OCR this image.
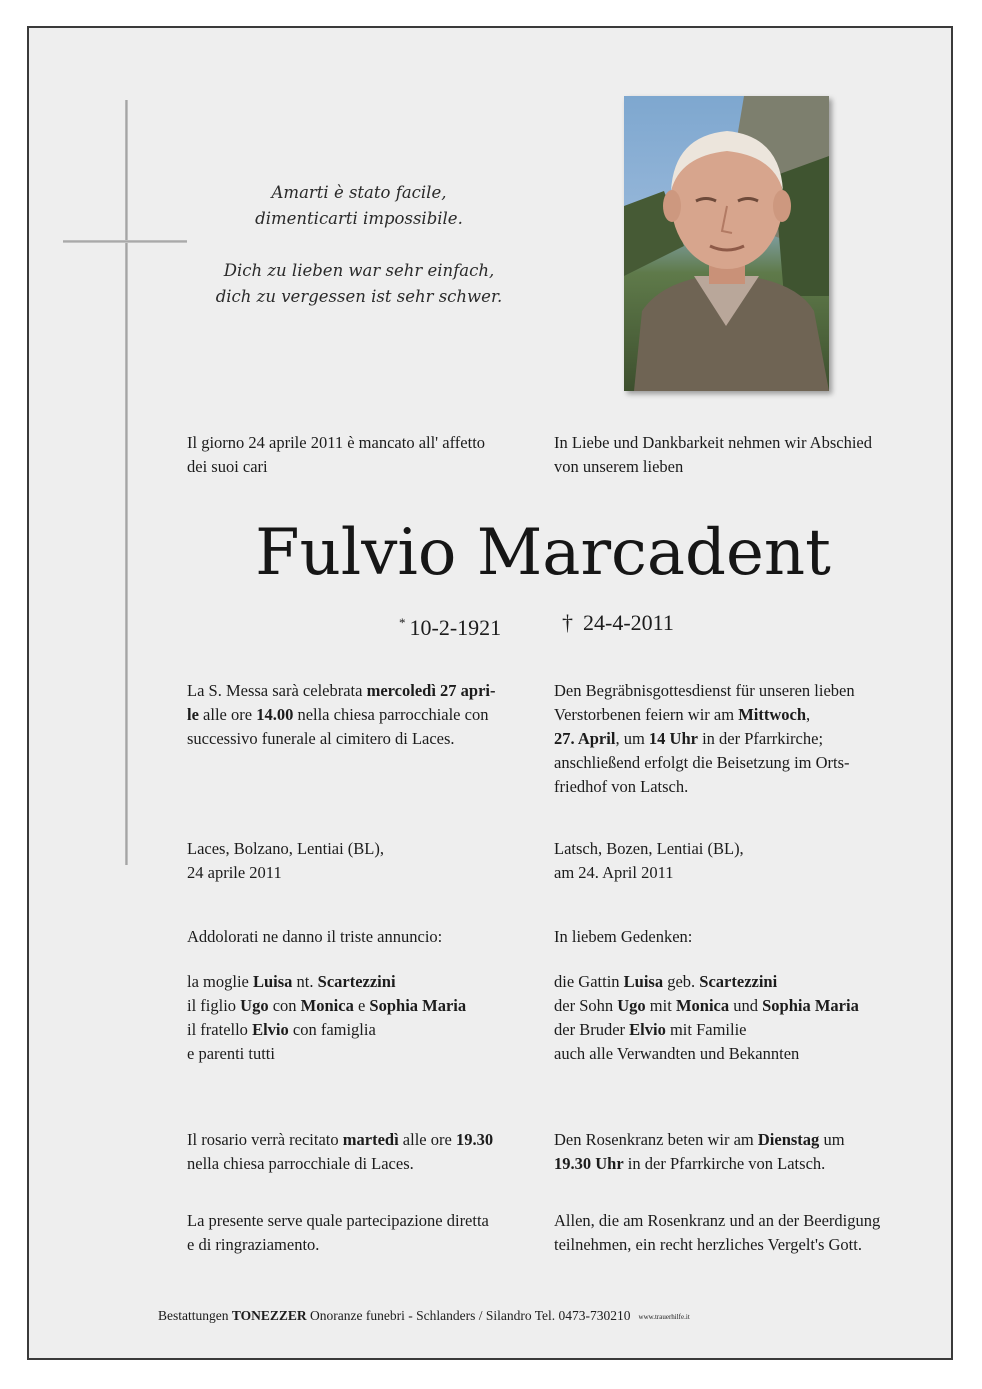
Amarti è stato facile,
dimenticarti impossibile.
Dich zu lieben war sehr einfach,
dich zu vergessen ist sehr schwer.
Il giorno 24 aprile 2011 è mancato all' affetto
dei suoi cari
In Liebe und Dankbarkeit nehmen wir Abschied
von unserem lieben
Fulvio Marcadent
* 10-2-1921	† 24-4-2011
La S. Messa sarà celebrata mercoledì 27 apri-
le alle ore 14.00 nella chiesa parrocchiale con
successivo funerale al cimitero di Laces.
Den Begräbnisgottesdienst für unseren lieben
Verstorbenen feiern wir am Mittwoch,
27. April, um 14 Uhr in der Pfarrkirche;
anschließend erfolgt die Beisetzung im Orts-
friedhof von Latsch.
Laces, Bolzano, Lentiai (BL),
24 aprile 2011
Latsch, Bozen, Lentiai (BL),
am 24. April 2011
Addolorati ne danno il triste annuncio:	In liebem Gedenken:
la moglie Luisa nt. Scartezzini
il figlio Ugo con Monica e Sophia Maria
il fratello Elvio con famiglia
e parenti tutti
die Gattin Luisa geb. Scartezzini
der Sohn Ugo mit Monica und Sophia Maria
der Bruder Elvio mit Familie
auch alle Verwandten und Bekannten
Il rosario verrà recitato martedì alle ore 19.30
nella chiesa parrocchiale di Laces.
Den Rosenkranz beten wir am Dienstag um
19.30 Uhr in der Pfarrkirche von Latsch.
La presente serve quale partecipazione diretta
e di ringraziamento.
Allen, die am Rosenkranz und an der Beerdigung
teilnehmen, ein recht herzliches Vergelt's Gott.
Bestattungen TONEZZER Onoranze funebri - Schlanders / Silandro Tel. 0473-730210 www.trauerhilfe.it
